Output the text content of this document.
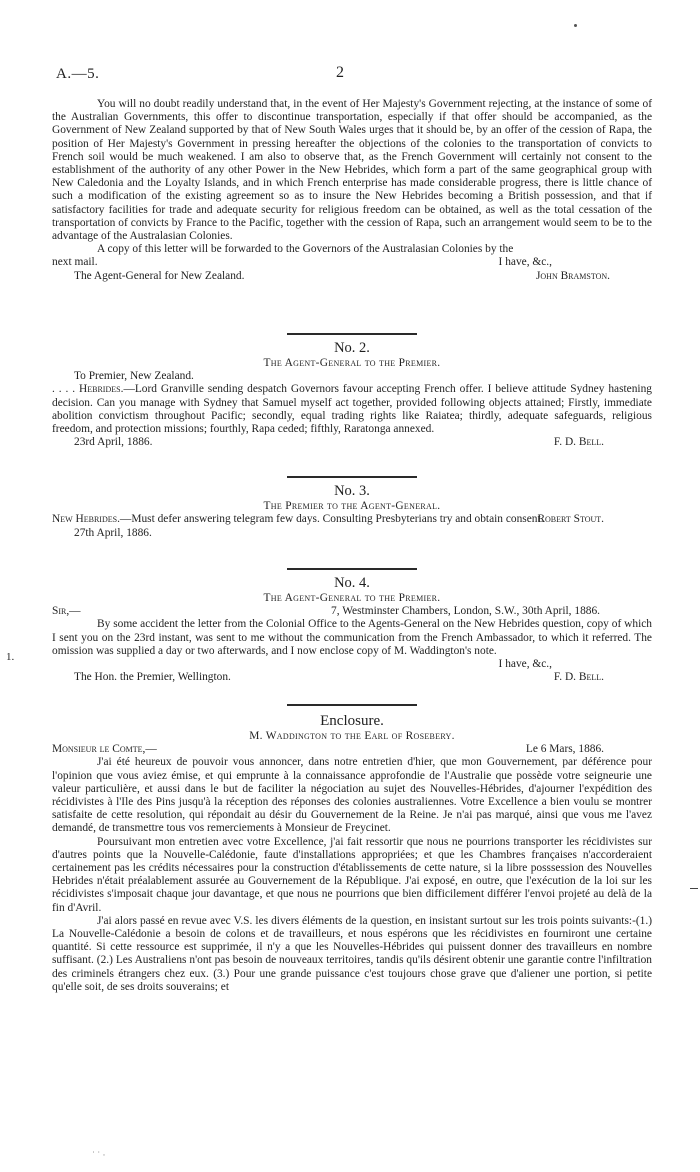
A.—5.	2

You will no doubt readily understand that, in the event of Her Majesty's Government rejecting, at the instance of some of the Australian Governments, this offer to discontinue transportation, especially if that offer should be accompanied, as the Government of New Zealand supported by that of New South Wales urges that it should be, by an offer of the cession of Rapa, the position of Her Majesty's Government in pressing hereafter the objections of the colonies to the transportation of convicts to French soil would be much weakened. I am also to observe that, as the French Government will certainly not consent to the establishment of the authority of any other Power in the New Hebrides, which form a part of the same geographical group with New Caledonia and the Loyalty Islands, and in which French enterprise has made considerable progress, there is little chance of such a modification of the existing agreement so as to insure the New Hebrides becoming a British possession, and that if satisfactory facilities for trade and adequate security for religious freedom can be obtained, as well as the total cessation of the transportation of convicts by France to the Pacific, together with the cession of Rapa, such an arrangement would seem to be to the advantage of the Australasian Colonies.

A copy of this letter will be forwarded to the Governors of the Australasian Colonies by the

next mail.	I have, &c.,
The Agent-General for New Zealand.	John Bramston.

No. 2.

The Agent-General to the Premier.

To Premier, New Zealand.

. . . . Hebrides.—Lord Granville sending despatch Governors favour accepting French offer. I believe attitude Sydney hastening decision. Can you manage with Sydney that Samuel myself act together, provided following objects attained; Firstly, immediate abolition convictism throughout Pacific; secondly, equal trading rights like Raiatea; thirdly, adequate safeguards, religious freedom, and protection missions; fourthly, Rapa ceded; fifthly, Raratonga annexed.

23rd April, 1886.	F. D. Bell.

No. 3.

The Premier to the Agent-General.

New Hebrides.—Must defer answering telegram few days. Consulting Presbyterians try and obtain consent.

Robert Stout.

27th April, 1886.

No. 4.

The Agent-General to the Premier.

Sir,—	7, Westminster Chambers, London, S.W., 30th April, 1886.

By some accident the letter from the Colonial Office to the Agents-General on the New Hebrides question, copy of which I sent you on the 23rd instant, was sent to me without the communication from the French Ambassador, to which it referred. The omission was supplied a day or two afterwards, and I now enclose copy of M. Waddington's note.

I have, &c.,
The Hon. the Premier, Wellington.	F. D. Bell.
1.

Enclosure.

M. Waddington to the Earl of Rosebery.

Monsieur le Comte,—	Le 6 Mars, 1886.

J'ai été heureux de pouvoir vous annoncer, dans notre entretien d'hier, que mon Gouvernement, par déférence pour l'opinion que vous aviez émise, et qui emprunte à la connaissance approfondie de l'Australie que possède votre seigneurie une valeur particulière, et aussi dans le but de faciliter la négociation au sujet des Nouvelles-Hébrides, d'ajourner l'expédition des récidivistes à l'Ile des Pins jusqu'à la réception des réponses des colonies australiennes. Votre Excellence a bien voulu se montrer satisfaite de cette resolution, qui répondait au désir du Gouvernement de la Reine. Je n'ai pas marqué, ainsi que vous me l'avez demandé, de transmettre tous vos remerciements à Monsieur de Freycinet.

Poursuivant mon entretien avec votre Excellence, j'ai fait ressortir que nous ne pourrions transporter les récidivistes sur d'autres points que la Nouvelle-Calédonie, faute d'installations appropriées; et que les Chambres françaises n'accorderaient certainement pas les crédits nécessaires pour la construction d'établissements de cette nature, si la libre posssession des Nouvelles Hebrides n'était préalablement assurée au Gouvernement de la République. J'ai exposé, en outre, que l'exécution de la loi sur les récidivistes s'imposait chaque jour davantage, et que nous ne pourrions que bien difficilement différer l'envoi projeté au delà de la fin d'Avril.

J'ai alors passé en revue avec V.S. les divers éléments de la question, en insistant surtout sur les trois points suivants:-(1.) La Nouvelle-Calédonie a besoin de colons et de travailleurs, et nous espérons que les récidivistes en fourniront une certaine quantité. Si cette ressource est supprimée, il n'y a que les Nouvelles-Hébrides qui puissent donner des travailleurs en nombre suffisant. (2.) Les Australiens n'ont pas besoin de nouveaux territoires, tandis qu'ils désirent obtenir une garantie contre l'infiltration des criminels étrangers chez eux. (3.) Pour une grande puissance c'est toujours chose grave que d'aliener une portion, si petite qu'elle soit, de ses droits souverains; et

˙ ˙ ·
